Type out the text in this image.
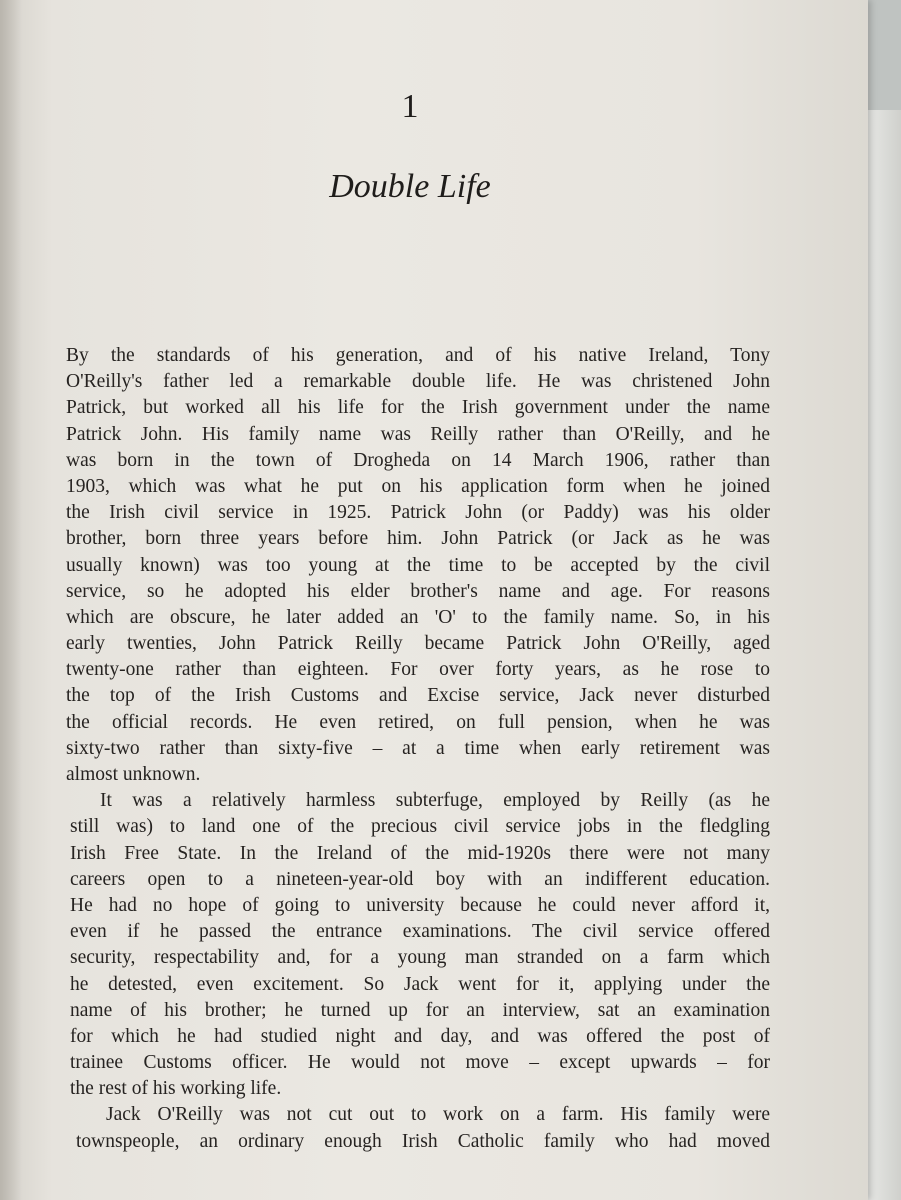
1
Double Life
By the standards of his generation, and of his native Ireland, Tony
O'Reilly's father led a remarkable double life. He was christened John
Patrick, but worked all his life for the Irish government under the name
Patrick John. His family name was Reilly rather than O'Reilly, and he
was born in the town of Drogheda on 14 March 1906, rather than
1903, which was what he put on his application form when he joined
the Irish civil service in 1925. Patrick John (or Paddy) was his older
brother, born three years before him. John Patrick (or Jack as he was
usually known) was too young at the time to be accepted by the civil
service, so he adopted his elder brother's name and age. For reasons
which are obscure, he later added an 'O' to the family name. So, in his
early twenties, John Patrick Reilly became Patrick John O'Reilly, aged
twenty-one rather than eighteen. For over forty years, as he rose to
the top of the Irish Customs and Excise service, Jack never disturbed
the official records. He even retired, on full pension, when he was
sixty-two rather than sixty-five – at a time when early retirement was
almost unknown.
It was a relatively harmless subterfuge, employed by Reilly (as he
still was) to land one of the precious civil service jobs in the fledgling
Irish Free State. In the Ireland of the mid-1920s there were not many
careers open to a nineteen-year-old boy with an indifferent education.
He had no hope of going to university because he could never afford it,
even if he passed the entrance examinations. The civil service offered
security, respectability and, for a young man stranded on a farm which
he detested, even excitement. So Jack went for it, applying under the
name of his brother; he turned up for an interview, sat an examination
for which he had studied night and day, and was offered the post of
trainee Customs officer. He would not move – except upwards – for
the rest of his working life.
Jack O'Reilly was not cut out to work on a farm. His family were
townspeople, an ordinary enough Irish Catholic family who had moved
